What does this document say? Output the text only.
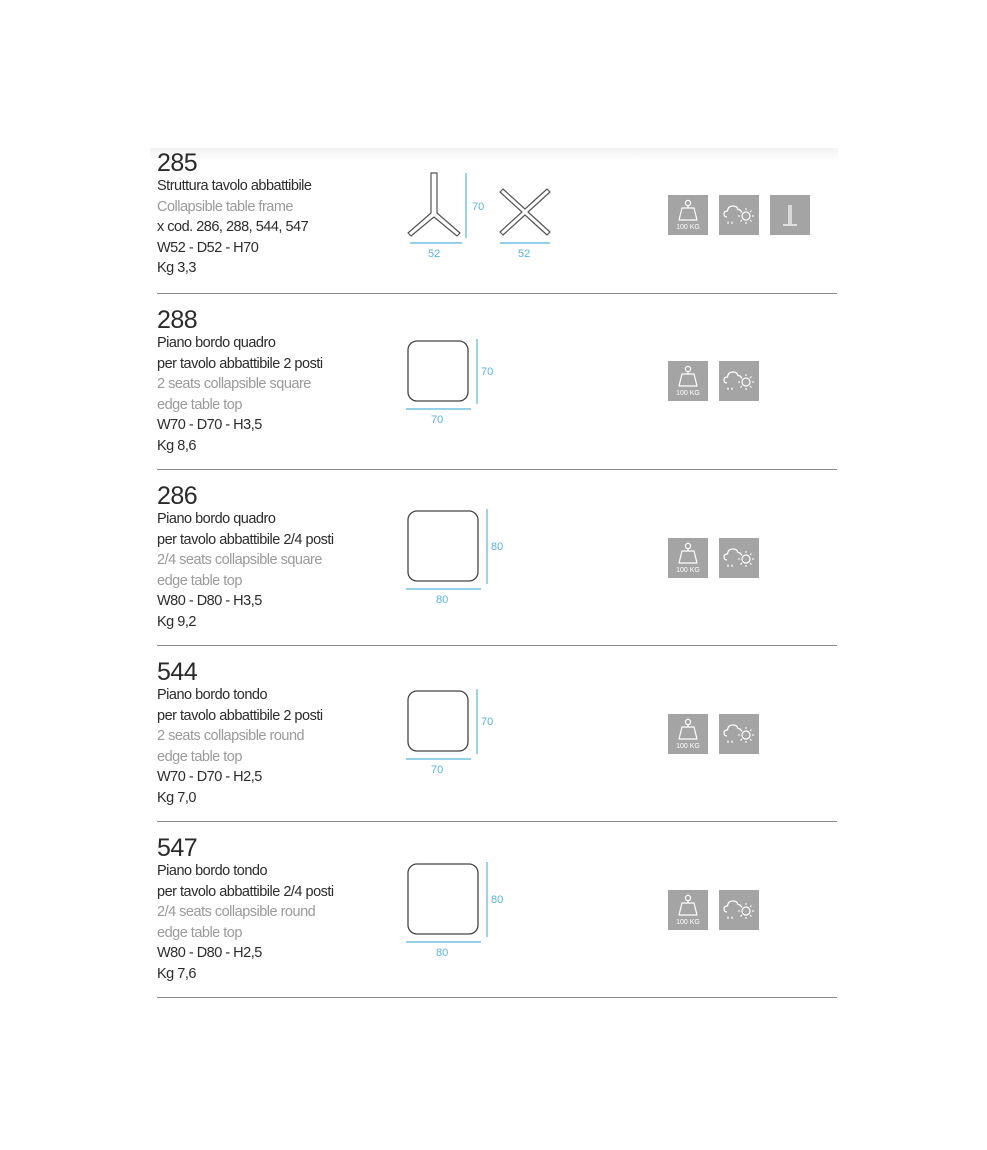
285
Struttura tavolo abbattibile
Collapsible table frame
x cod. 286, 288, 544, 547
W52 - D52 - H70
Kg 3,3
70
52	52
100 KG
288
Piano bordo quadro
per tavolo abbattibile 2 posti
2 seats collapsible square
edge table top
W70 - D70 - H3,5
Kg 8,6
70
70
100 KG
286
Piano bordo quadro
per tavolo abbattibile 2/4 posti
2/4 seats collapsible square
edge table top
W80 - D80 - H3,5
Kg 9,2
80
80
100 KG
544
Piano bordo tondo
per tavolo abbattibile 2 posti
2 seats collapsible round
edge table top
W70 - D70 - H2,5
Kg 7,0
70
70
100 KG
547
Piano bordo tondo
per tavolo abbattibile 2/4 posti
2/4 seats collapsible round
edge table top
W80 - D80 - H2,5
Kg 7,6
80
80
100 KG
